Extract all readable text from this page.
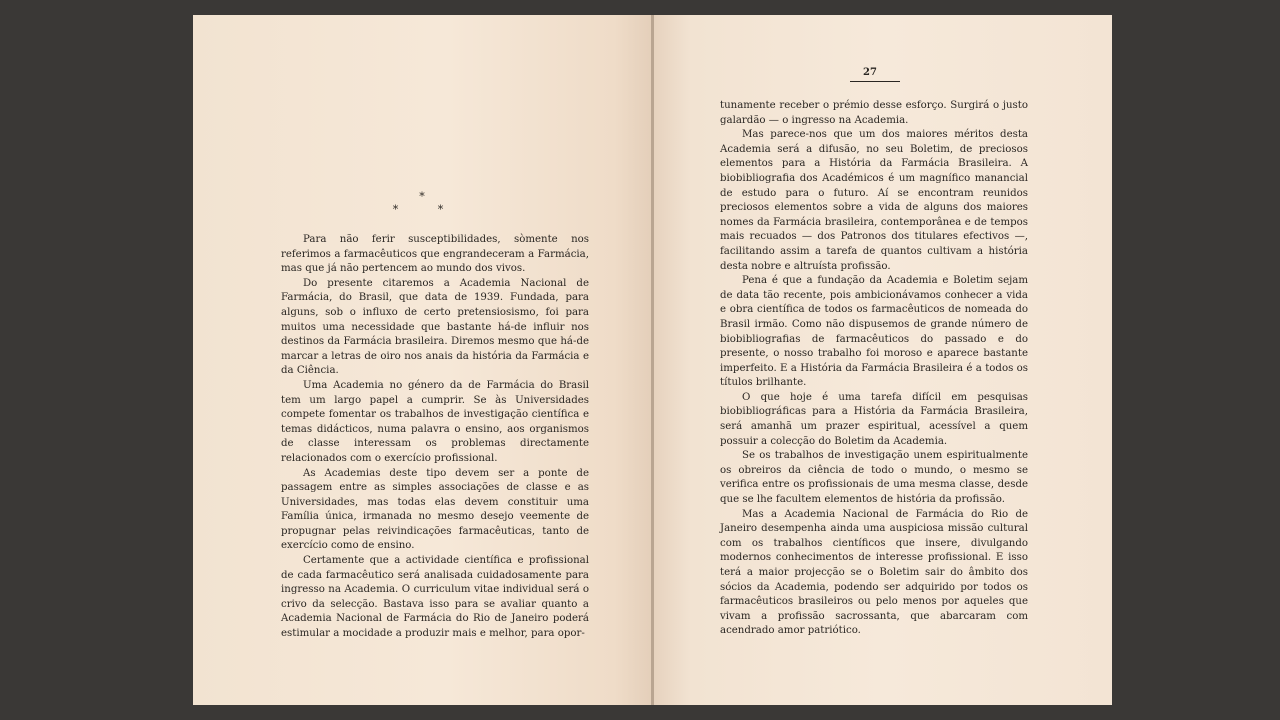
*
* *

Para não ferir susceptibilidades, sòmente nos referimos a farmacêuticos que engrandeceram a Farmácia, mas que já não pertencem ao mundo dos vivos.

Do presente citaremos a Academia Nacional de Farmácia, do Brasil, que data de 1939. Fundada, para alguns, sob o influxo de certo pretensiosismo, foi para muitos uma necessidade que bastante há-de influir nos destinos da Farmácia brasileira. Diremos mesmo que há-de marcar a letras de oiro nos anais da história da Farmácia e da Ciência.

Uma Academia no género da de Farmácia do Brasil tem um largo papel a cumprir. Se às Universidades compete fomentar os trabalhos de investigação científica e temas didácticos, numa palavra o ensino, aos organismos de classe interessam os problemas directamente relacionados com o exercício profissional.

As Academias deste tipo devem ser a ponte de passagem entre as simples associações de classe e as Universidades, mas todas elas devem constituir uma Família única, irmanada no mesmo desejo veemente de propugnar pelas reivindicações farmacêuticas, tanto de exercício como de ensino.

Certamente que a actividade científica e profissional de cada farmacêutico será analisada cuidadosamente para ingresso na Academia. O curriculum vitae individual será o crivo da selecção. Bastava isso para se avaliar quanto a Academia Nacional de Farmácia do Rio de Janeiro poderá estimular a mocidade a produzir mais e melhor, para opor-

27

tunamente receber o prémio desse esforço. Surgirá o justo galardão — o ingresso na Academia.

Mas parece-nos que um dos maiores méritos desta Academia será a difusão, no seu Boletim, de preciosos elementos para a História da Farmácia Brasileira. A biobibliografia dos Académicos é um magnífico manancial de estudo para o futuro. Aí se encontram reunidos preciosos elementos sobre a vida de alguns dos maiores nomes da Farmácia brasileira, contemporânea e de tempos mais recuados — dos Patronos dos titulares efectivos —, facilitando assim a tarefa de quantos cultivam a história desta nobre e altruísta profissão.

Pena é que a fundação da Academia e Boletim sejam de data tão recente, pois ambicionávamos conhecer a vida e obra científica de todos os farmacêuticos de nomeada do Brasil irmão. Como não dispusemos de grande número de biobibliografias de farmacêuticos do passado e do presente, o nosso trabalho foi moroso e aparece bastante imperfeito. E a História da Farmácia Brasileira é a todos os títulos brilhante.

O que hoje é uma tarefa difícil em pesquisas biobibliográficas para a História da Farmácia Brasileira, será amanhã um prazer espiritual, acessível a quem possuir a colecção do Boletim da Academia.

Se os trabalhos de investigação unem espiritualmente os obreiros da ciência de todo o mundo, o mesmo se verifica entre os profissionais de uma mesma classe, desde que se lhe facultem elementos de história da profissão.

Mas a Academia Nacional de Farmácia do Rio de Janeiro desempenha ainda uma auspiciosa missão cultural com os trabalhos científicos que insere, divulgando modernos conhecimentos de interesse profissional. E isso terá a maior projecção se o Boletim sair do âmbito dos sócios da Academia, podendo ser adquirido por todos os farmacêuticos brasileiros ou pelo menos por aqueles que vivam a profissão sacrossanta, que abarcaram com acendrado amor patriótico.
